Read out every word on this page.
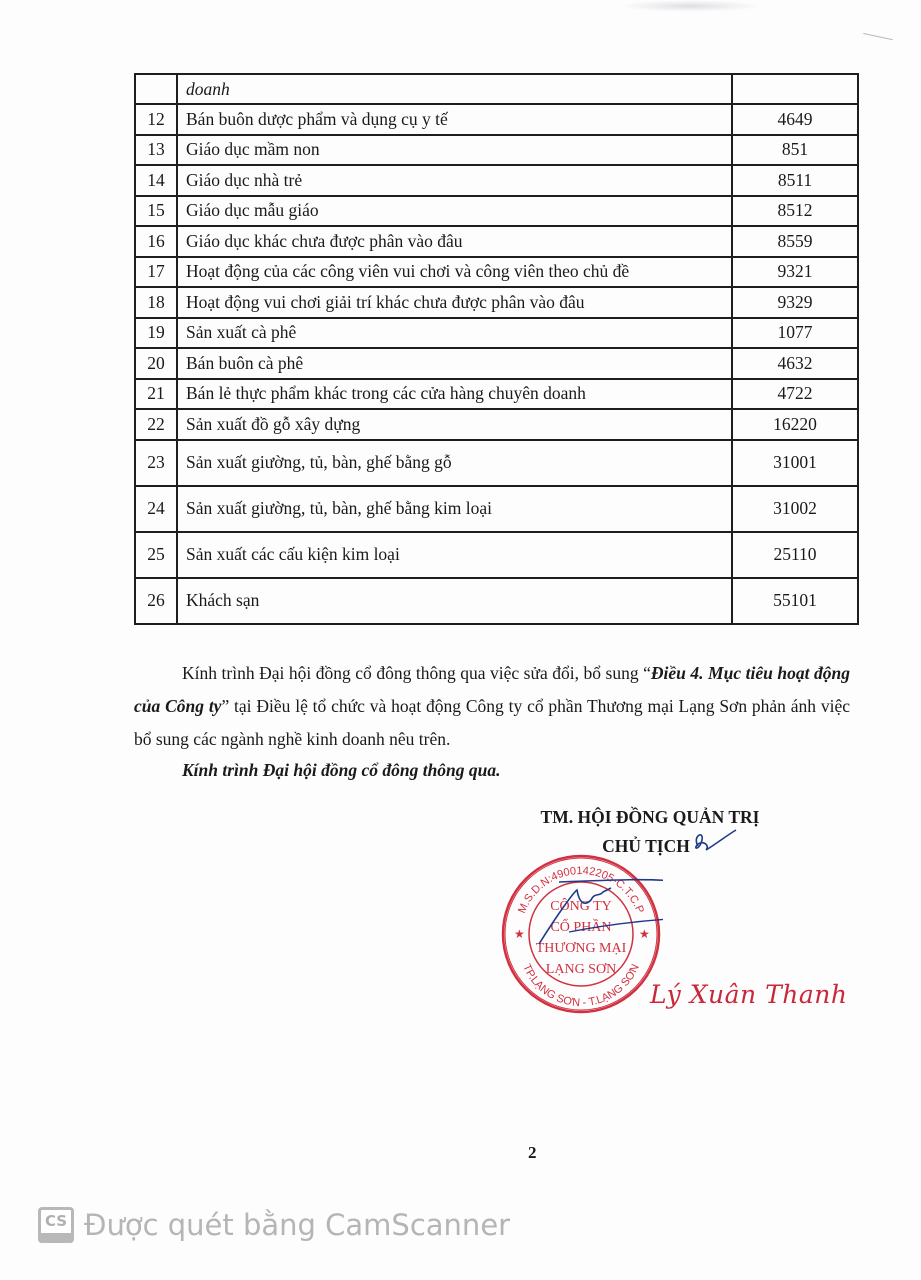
	doanh	
12	Bán buôn dược phẩm và dụng cụ y tế	4649
13	Giáo dục mầm non	851
14	Giáo dục nhà trẻ	8511
15	Giáo dục mẫu giáo	8512
16	Giáo dục khác chưa được phân vào đâu	8559
17	Hoạt động của các công viên vui chơi và công viên theo chủ đề	9321
18	Hoạt động vui chơi giải trí khác chưa được phân vào đâu	9329
19	Sản xuất cà phê	1077
20	Bán buôn cà phê	4632
21	Bán lẻ thực phẩm khác trong các cửa hàng chuyên doanh	4722
22	Sản xuất đồ gỗ xây dựng	16220
23	Sản xuất giường, tủ, bàn, ghế bằng gỗ	31001
24	Sản xuất giường, tủ, bàn, ghế bằng kim loại	31002
25	Sản xuất các cấu kiện kim loại	25110
26	Khách sạn	55101
Kính trình Đại hội đồng cổ đông thông qua việc sửa đổi, bổ sung “Điều 4. Mục tiêu hoạt động của Công ty” tại Điều lệ tổ chức và hoạt động Công ty cổ phần Thương mại Lạng Sơn phản ánh việc bổ sung các ngành nghề kinh doanh nêu trên.
Kính trình Đại hội đồng cổ đông thông qua.
TM. HỘI ĐỒNG QUẢN TRỊ
CHỦ TỊCH
M.S.D.N:4900142205-C.T.C.P
TP.LẠNG SƠN - T.LẠNG SƠN
★	★
CÔNG TY
CỔ PHẦN
THƯƠNG MẠI
LẠNG SƠN
Lý Xuân Thanh
2
CS Được quét bằng CamScanner
